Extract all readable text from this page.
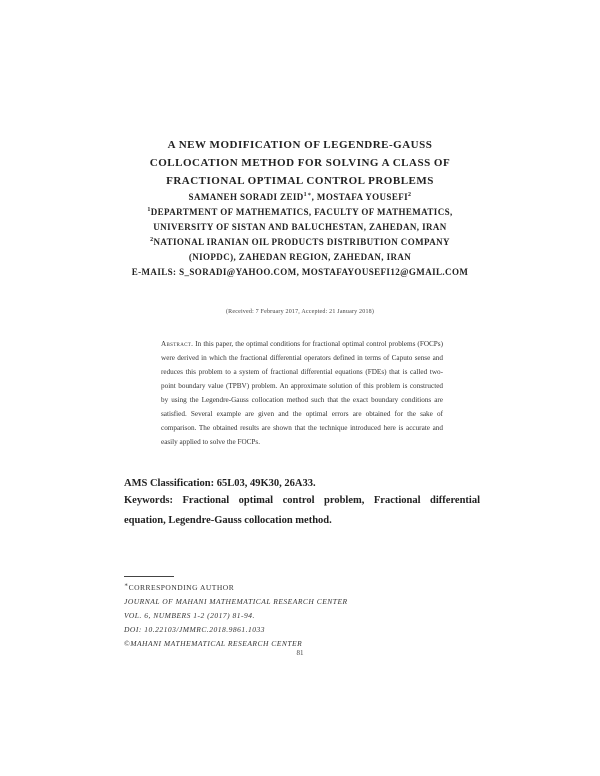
A NEW MODIFICATION OF LEGENDRE-GAUSS
COLLOCATION METHOD FOR SOLVING A CLASS OF
FRACTIONAL OPTIMAL CONTROL PROBLEMS
SAMANEH SORADI $ZEID^{1∗}$, MOSTAFA YOUSEFI$^2$
$^1$DEPARTMENT OF MATHEMATICS, FACULTY OF MATHEMATICS,
UNIVERSITY OF SISTAN AND BALUCHESTAN, ZAHEDAN, IRAN
$^2$NATIONAL IRANIAN OIL PRODUCTS DISTRIBUTION COMPANY
(NIOPDC), ZAHEDAN REGION, ZAHEDAN, IRAN
E-MAILS: S_SORADI@YAHOO.COM, MOSTAFAYOUSEFI12@GMAIL.COM
(Received: 7 February 2017, Accepted: 21 January 2018)
Abstract. In this paper, the optimal conditions for fractional optimal control problems (FOCPs) were derived in which the fractional differential operators defined in terms of Caputo sense and reduces this problem to a system of fractional differential equations (FDEs) that is called two-point boundary value (TPBV) problem. An approximate solution of this problem is constructed by using the Legendre-Gauss collocation method such that the exact boundary conditions are satisfied. Several example are given and the optimal errors are obtained for the sake of comparison. The obtained results are shown that the technique introduced here is accurate and easily applied to solve the FOCPs.
AMS Classification: 65L03, 49K30, 26A33.
Keywords: Fractional optimal control problem, Fractional differential equation, Legendre-Gauss collocation method.
∗CORRESPONDING AUTHOR
JOURNAL OF MAHANI MATHEMATICAL RESEARCH CENTER
VOL. 6, NUMBERS 1-2 (2017) 81-94.
DOI: 10.22103/JMMRC.2018.9861.1033
©MAHANI MATHEMATICAL RESEARCH CENTER
81
